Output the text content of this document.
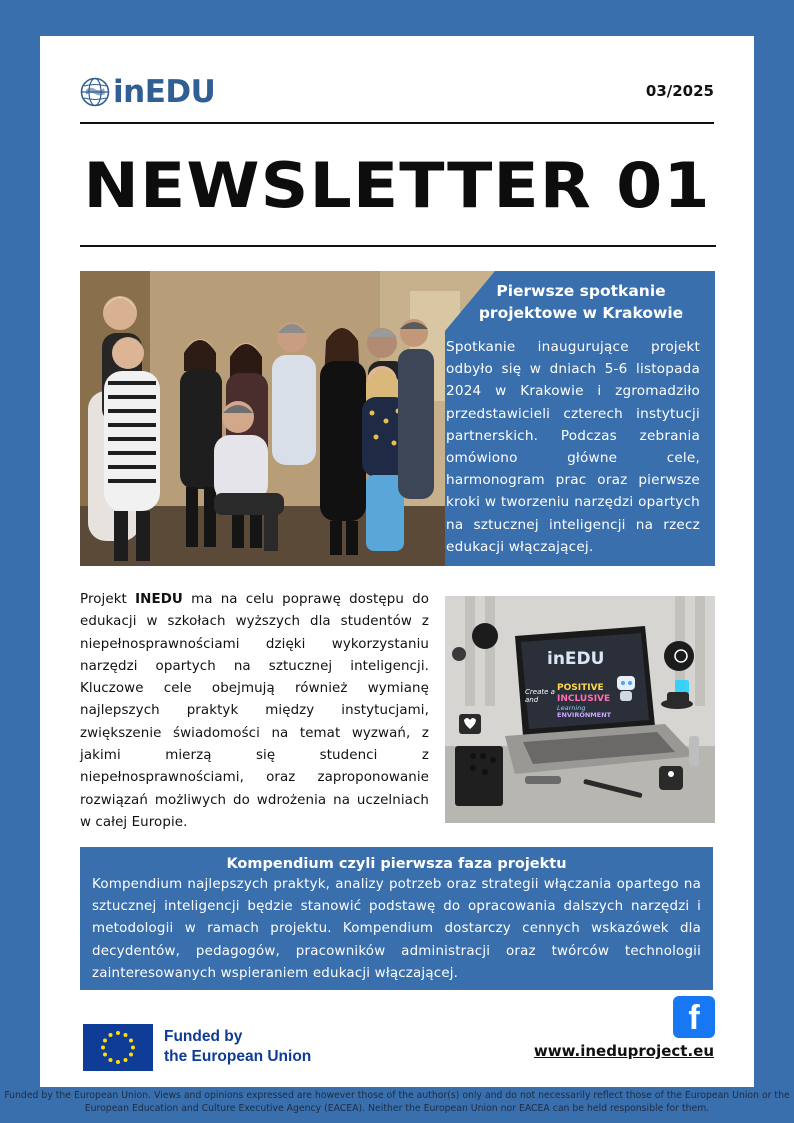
inEDU	03/2025
NEWSLETTER 01
Pierwsze spotkanie projektowe w Krakowie
Spotkanie inaugurujące projekt odbyło się w dniach 5-6 listopada 2024 w Krakowie i zgromadziło przedstawicieli czterech instytucji partnerskich. Podczas zebrania omówiono główne cele, harmonogram prac oraz pierwsze kroki w tworzeniu narzędzi opartych na sztucznej inteligencji na rzecz edukacji włączającej.
Projekt INEDU ma na celu poprawę dostępu do edukacji w szkołach wyższych dla studentów z niepełnosprawnościami dzięki wykorzystaniu narzędzi opartych na sztucznej inteligencji. Kluczowe cele obejmują również wymianę najlepszych praktyk między instytucjami, zwiększenie świadomości na temat wyzwań, z jakimi mierzą się studenci z niepełnosprawnościami, oraz zaproponowanie rozwiązań możliwych do wdrożenia na uczelniach w całej Europie.
inEDU
Create a
and
POSITIVE
INCLUSIVE
Learning
ENVIRONMENT
Kompendium czyli pierwsza faza projektu
Kompendium najlepszych praktyk, analizy potrzeb oraz strategii włączania opartego na sztucznej inteligencji będzie stanowić podstawę do opracowania dalszych narzędzi i metodologii w ramach projektu. Kompendium dostarczy cennych wskazówek dla decydentów, pedagogów, pracowników administracji oraz twórców technologii zainteresowanych wspieraniem edukacji włączającej.
Funded by
the European Union
f
www.ineduproject.eu
Funded by the European Union. Views and opinions expressed are however those of the author(s) only and do not necessarily reflect those of the European Union or the European Education and Culture Executive Agency (EACEA). Neither the European Union nor EACEA can be held responsible for them.
